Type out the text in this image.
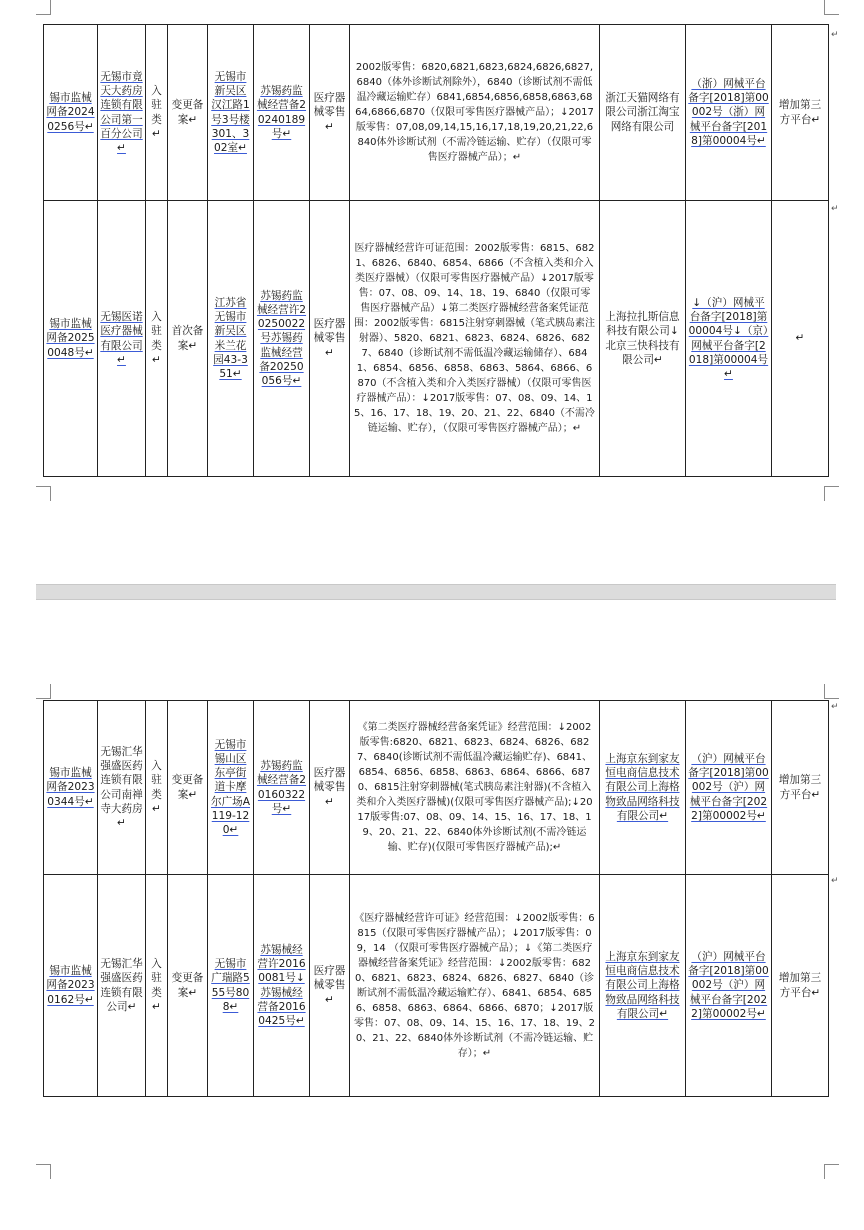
锡市监械网备20240256号↵	无锡市竟天大药房连锁有限公司第一百分公司↵	入驻类↵	变更备案↵	无锡市新吴区汉江路1号3号楼301、302室↵	苏锡药监械经营备20240189号↵	医疗器械零售↵	2002版零售：6820,6821,6823,6824,6826,6827,6840（体外诊断试剂除外），6840（诊断试剂不需低温冷藏运输贮存）6841,6854,6856,6858,6863,6864,6866,6870（仅限可零售医疗器械产品）；↓2017版零售：07,08,09,14,15,16,17,18,19,20,21,22,6840体外诊断试剂（不需冷链运输、贮存）（仅限可零售医疗器械产品）；↵	浙江天猫网络有限公司浙江淘宝网络有限公司	（浙）网械平台备字[2018]第00002号（浙）网械平台备字[2018]第00004号↵	增加第三方平台↵
锡市监械网备20250048号↵	无锡医诺医疗器械有限公司↵	入驻类↵	首次备案↵	江苏省无锡市新吴区米兰花园43-351↵	苏锡药监械经营许20250022号苏锡药监械经营备20250056号↵	医疗器械零售↵	医疗器械经营许可证范围：2002版零售：6815、6821、6826、6840、6854、6866（不含植入类和介入类医疗器械）（仅限可零售医疗器械产品）↓2017版零售：07、08、09、14、18、19、6840（仅限可零售医疗器械产品）↓第二类医疗器械经营备案凭证范围：2002版零售：6815注射穿刺器械（笔式胰岛素注射器）、5820、6821、6823、6824、6826、6827、6840（诊断试剂不需低温冷藏运输储存）、6841、6854、6856、6858、6863、5864、6866、6870（不含植入类和介入类医疗器械）（仅限可零售医疗器械产品）：↓2017版零售：07、08、09、14、15、16、17、18、19、20、21、22、6840（不需冷链运输、贮存），（仅限可零售医疗器械产品）；↵	上海拉扎斯信息科技有限公司↓北京三快科技有限公司↵	↓（沪）网械平台备字[2018]第00004号↓（京）网械平台备字[2018]第00004号↵	↵
锡市监械网备20230344号↵	无锡汇华强盛医药连锁有限公司南禅寺大药房↵	入驻类↵	变更备案↵	无锡市锡山区东亭街道卡摩尔广场A119-120↵	苏锡药监械经营备20160322号↵	医疗器械零售↵	《第二类医疗器械经营备案凭证》经营范围：↓2002版零售:6820、6821、6823、6824、6826、6827、6840(诊断试剂不需低温冷藏运输贮存)、6841、6854、6856、6858、6863、6864、6866、6870、6815注射穿刺器械(笔式胰岛素注射器)(不含植入类和介入类医疗器械)(仅限可零售医疗器械产品);↓2017版零售:07、08、09、14、15、16、17、18、19、20、21、22、6840体外诊断试剂(不需冷链运输、贮存)(仅限可零售医疗器械产品);↵	上海京东到家友恒电商信息技术有限公司上海格物致品网络科技有限公司↵	（沪）网械平台备字[2018]第00002号（沪）网械平台备字[2022]第00002号↵	增加第三方平台↵
锡市监械网备20230162号↵	无锡汇华强盛医药连锁有限公司↵	入驻类↵	变更备案↵	无锡市广瑞路555号808↵	苏锡械经营许20160081号↓苏锡械经营备20160425号↵	医疗器械零售↵	《医疗器械经营许可证》经营范围：↓2002版零售：6815（仅限可零售医疗器械产品）；↓2017版零售：09，14 （仅限可零售医疗器械产品）；↓《第二类医疗器械经营备案凭证》经营范围：↓2002版零售：6820、6821、6823、6824、6826、6827、6840（诊断试剂不需低温冷藏运输贮存）、6841、6854、6856、6858、6863、6864、6866、6870；↓2017版零售：07、08、09、14、15、16、17、18、19、20、21、22、6840体外诊断试剂（不需冷链运输、贮存）；↵	上海京东到家友恒电商信息技术有限公司上海格物致品网络科技有限公司↵	（沪）网械平台备字[2018]第00002号（沪）网械平台备字[2022]第00002号↵	增加第三方平台↵
↵
↵
↵
↵
